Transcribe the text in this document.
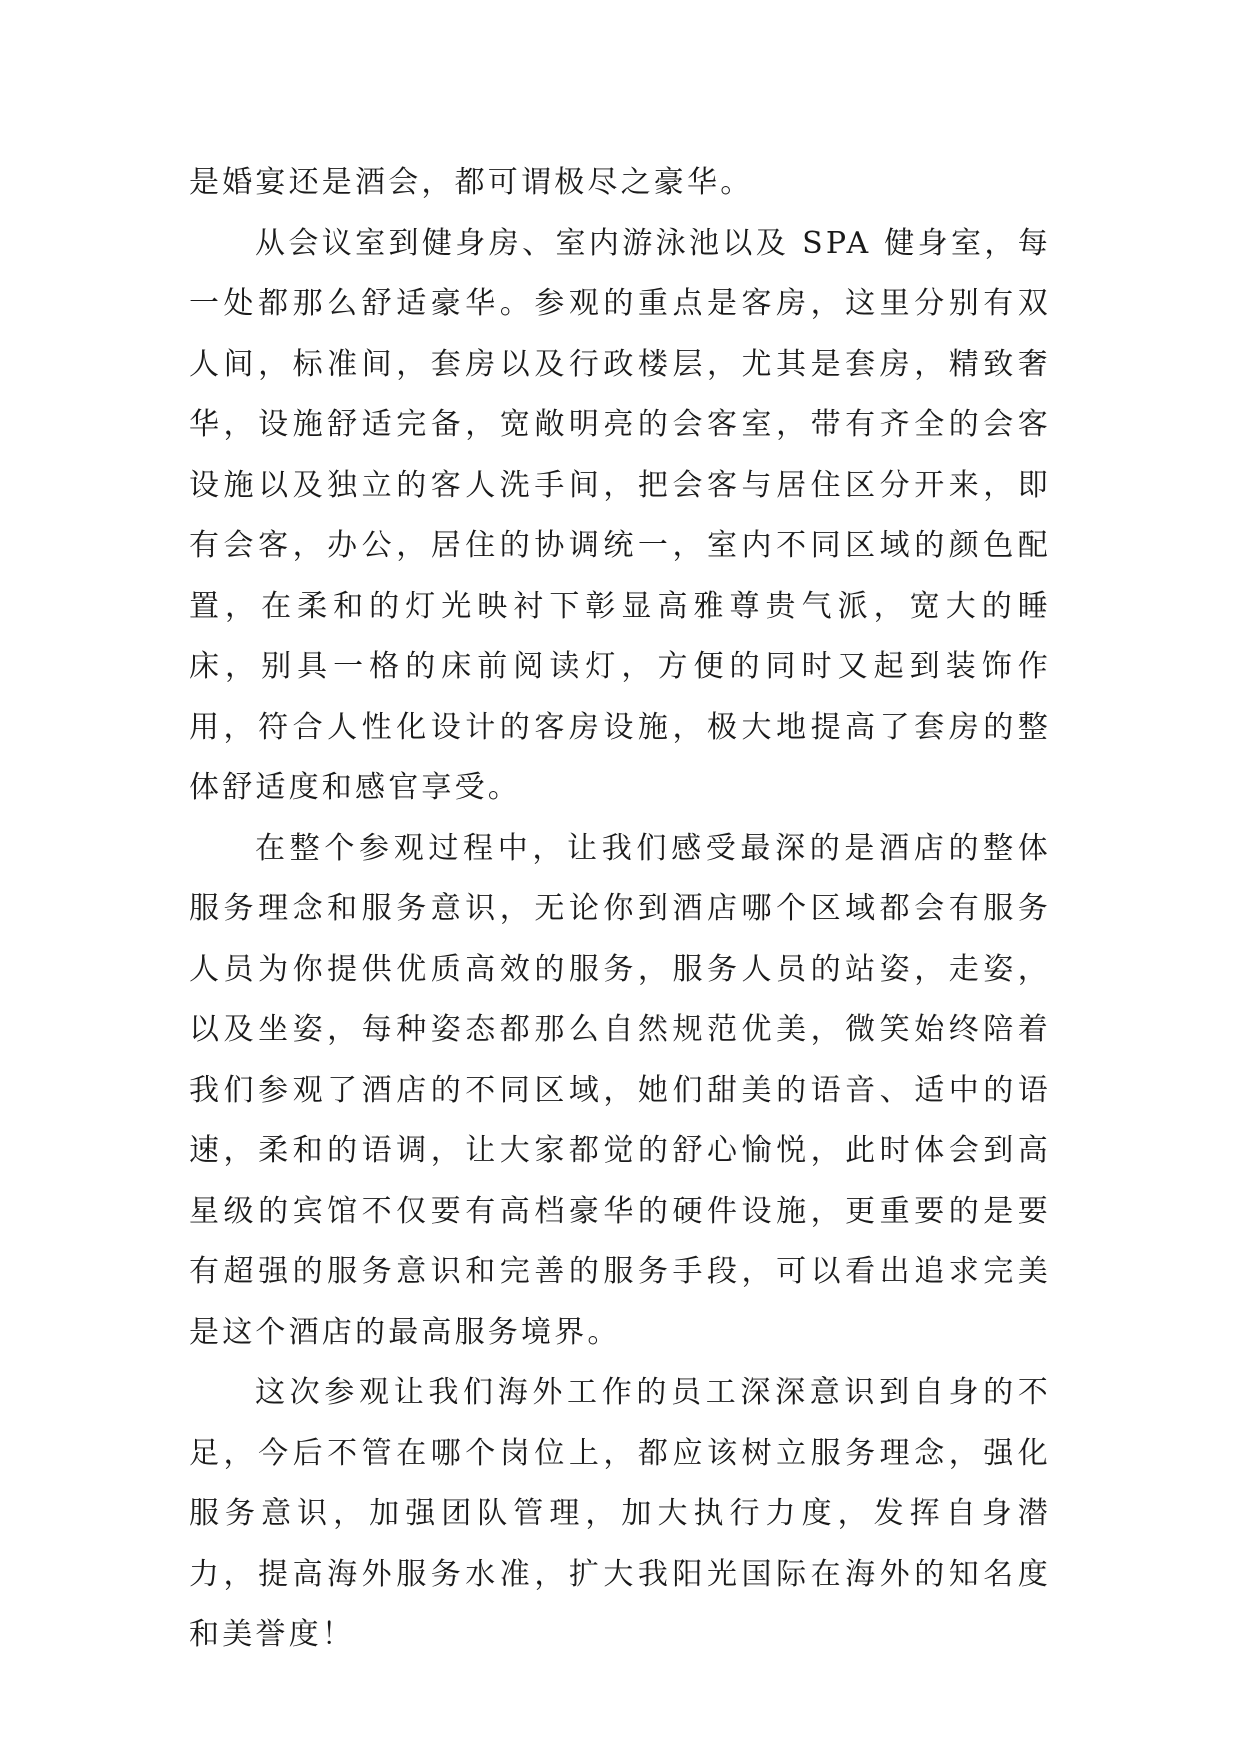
是婚宴还是酒会，都可谓极尽之豪华。

从会议室到健身房、室内游泳池以及 SPA 健身室，每一处都那么舒适豪华。参观的重点是客房，这里分别有双人间，标准间，套房以及行政楼层，尤其是套房，精致奢华，设施舒适完备，宽敞明亮的会客室，带有齐全的会客设施以及独立的客人洗手间，把会客与居住区分开来，即有会客，办公，居住的协调统一，室内不同区域的颜色配置，在柔和的灯光映衬下彰显高雅尊贵气派，宽大的睡床，别具一格的床前阅读灯，方便的同时又起到装饰作用，符合人性化设计的客房设施，极大地提高了套房的整体舒适度和感官享受。

在整个参观过程中，让我们感受最深的是酒店的整体服务理念和服务意识，无论你到酒店哪个区域都会有服务人员为你提供优质高效的服务，服务人员的站姿，走姿，以及坐姿，每种姿态都那么自然规范优美，微笑始终陪着我们参观了酒店的不同区域，她们甜美的语音、适中的语速，柔和的语调，让大家都觉的舒心愉悦，此时体会到高星级的宾馆不仅要有高档豪华的硬件设施，更重要的是要有超强的服务意识和完善的服务手段，可以看出追求完美是这个酒店的最高服务境界。

这次参观让我们海外工作的员工深深意识到自身的不足，今后不管在哪个岗位上，都应该树立服务理念，强化服务意识，加强团队管理，加大执行力度，发挥自身潜力，提高海外服务水准，扩大我阳光国际在海外的知名度和美誉度！
